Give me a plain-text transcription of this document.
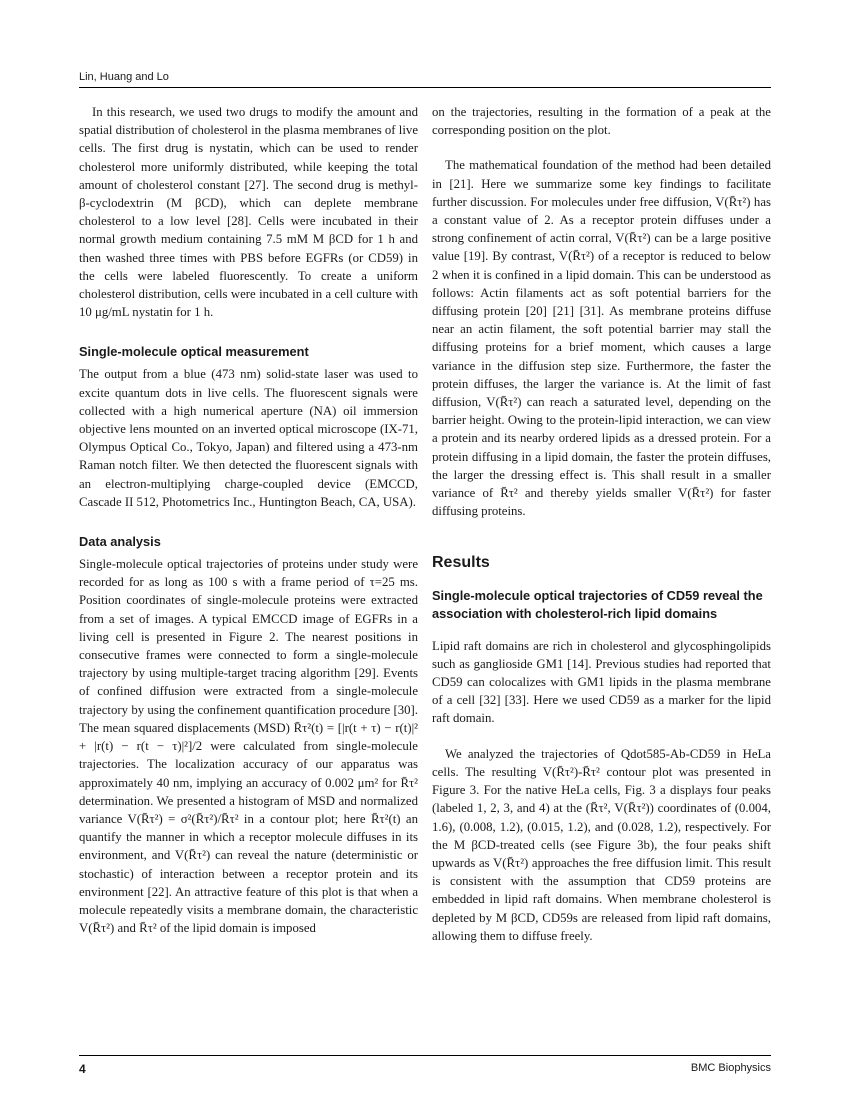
Lin, Huang and Lo

In this research, we used two drugs to modify the amount and spatial distribution of cholesterol in the plasma membranes of live cells. The first drug is nystatin, which can be used to render cholesterol more uniformly distributed, while keeping the total amount of cholesterol constant [27]. The second drug is methyl- β-cyclodextrin (M βCD), which can deplete membrane cholesterol to a low level [28]. Cells were incubated in their normal growth medium containing 7.5 mM M βCD for 1 h and then washed three times with PBS before EGFRs (or CD59) in the cells were labeled fluorescently. To create a uniform cholesterol distribution, cells were incubated in a cell culture with 10 μg/mL nystatin for 1 h.

Single-molecule optical measurement

The output from a blue (473 nm) solid-state laser was used to excite quantum dots in live cells. The fluorescent signals were collected with a high numerical aperture (NA) oil immersion objective lens mounted on an inverted optical microscope (IX-71, Olympus Optical Co., Tokyo, Japan) and filtered using a 473-nm Raman notch filter. We then detected the fluorescent signals with an electron-multiplying charge-coupled device (EMCCD, Cascade II 512, Photometrics Inc., Huntington Beach, CA, USA).

Data analysis

Single-molecule optical trajectories of proteins under study were recorded for as long as 100 s with a frame period of τ=25 ms. Position coordinates of single-molecule proteins were extracted from a set of images. A typical EMCCD image of EGFRs in a living cell is presented in Figure 2. The nearest positions in consecutive frames were connected to form a single-molecule trajectory by using multiple-target tracing algorithm [29]. Events of confined diffusion were extracted from a single-molecule trajectory by using the confinement quantification procedure [30]. The mean squared displacements (MSD) R̄τ²(t) = [|r(t + τ) − r(t)|² + |r(t) − r(t − τ)|²]/2 were calculated from single-molecule trajectories. The localization accuracy of our apparatus was approximately 40 nm, implying an accuracy of 0.002 μm² for R̄τ² determination. We presented a histogram of MSD and normalized variance V(R̄τ²) = σ²(R̄τ²)/R̄τ² in a contour plot; here R̄τ²(t) an quantify the manner in which a receptor molecule diffuses in its environment, and V(R̄τ²) can reveal the nature (deterministic or stochastic) of interaction between a receptor protein and its environment [22]. An attractive feature of this plot is that when a molecule repeatedly visits a membrane domain, the characteristic V(R̄τ²) and R̄τ² of the lipid domain is imposed

on the trajectories, resulting in the formation of a peak at the corresponding position on the plot.

The mathematical foundation of the method had been detailed in [21]. Here we summarize some key findings to facilitate further discussion. For molecules under free diffusion, V(R̄τ²) has a constant value of 2. As a receptor protein diffuses under a strong confinement of actin corral, V(R̄τ²) can be a large positive value [19]. By contrast, V(R̄τ²) of a receptor is reduced to below 2 when it is confined in a lipid domain. This can be understood as follows: Actin filaments act as soft potential barriers for the diffusing protein [20] [21] [31]. As membrane proteins diffuse near an actin filament, the soft potential barrier may stall the diffusing proteins for a brief moment, which causes a large variance in the diffusion step size. Furthermore, the faster the protein diffuses, the larger the variance is. At the limit of fast diffusion, V(R̄τ²) can reach a saturated level, depending on the barrier height. Owing to the protein-lipid interaction, we can view a protein and its nearby ordered lipids as a dressed protein. For a protein diffusing in a lipid domain, the faster the protein diffuses, the larger the dressing effect is. This shall result in a smaller variance of R̄τ² and thereby yields smaller V(R̄τ²) for faster diffusing proteins.

Results
Single-molecule optical trajectories of CD59 reveal the association with cholesterol-rich lipid domains

Lipid raft domains are rich in cholesterol and glycosphingolipids such as ganglioside GM1 [14]. Previous studies had reported that CD59 can colocalizes with GM1 lipids in the plasma membrane of a cell [32] [33]. Here we used CD59 as a marker for the lipid raft domain.

We analyzed the trajectories of Qdot585-Ab-CD59 in HeLa cells. The resulting V(R̄τ²)-R̄τ² contour plot was presented in Figure 3. For the native HeLa cells, Fig. 3 a displays four peaks (labeled 1, 2, 3, and 4) at the (R̄τ², V(R̄τ²)) coordinates of (0.004, 1.6), (0.008, 1.2), (0.015, 1.2), and (0.028, 1.2), respectively. For the M βCD-treated cells (see Figure 3b), the four peaks shift upwards as V(R̄τ²) approaches the free diffusion limit. This result is consistent with the assumption that CD59 proteins are embedded in lipid raft domains. When membrane cholesterol is depleted by M βCD, CD59s are released from lipid raft domains, allowing them to diffuse freely.

4	BMC Biophysics
